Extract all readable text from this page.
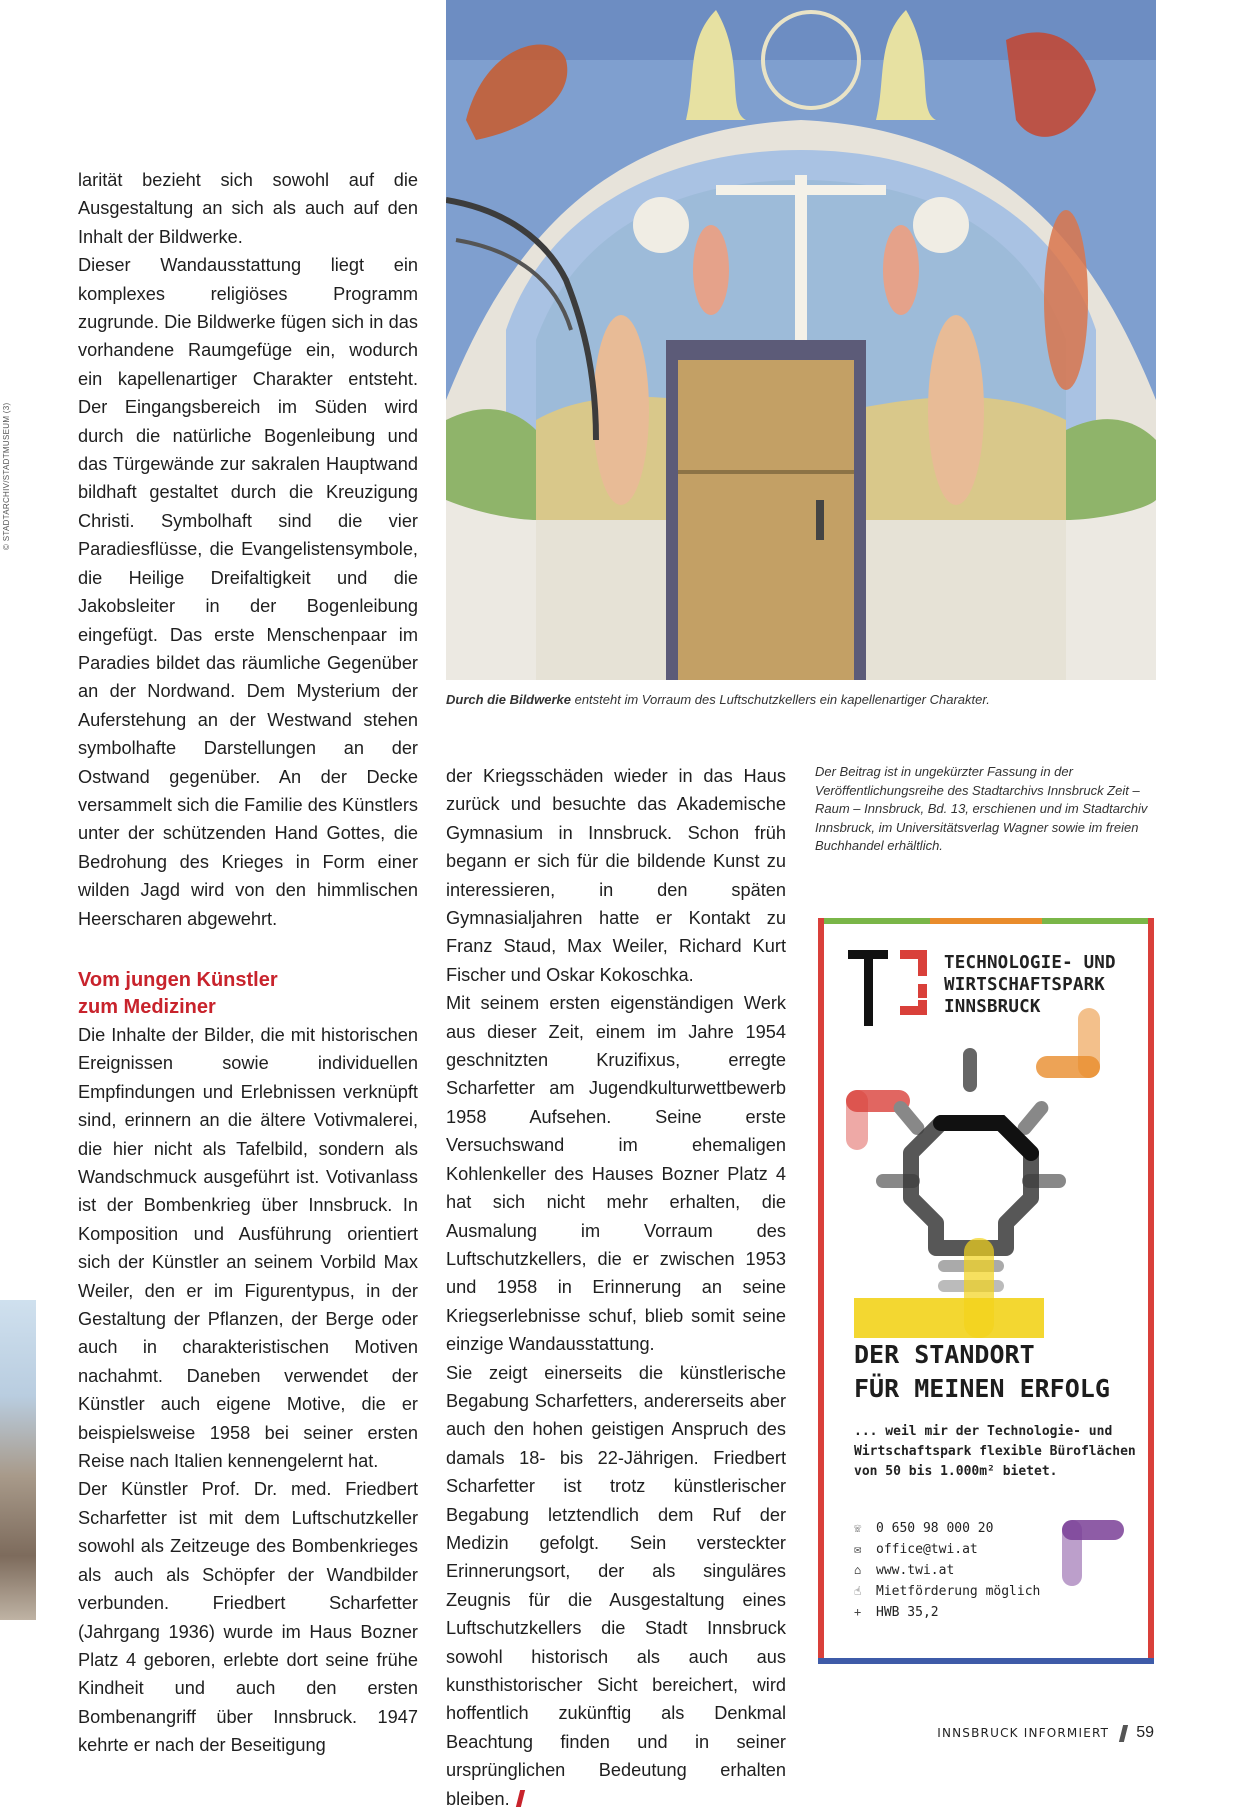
© STADTARCHIV/STADTMUSEUM (3)

larität bezieht sich sowohl auf die Ausgestaltung an sich als auch auf den Inhalt der Bildwerke.

Dieser Wandausstattung liegt ein komplexes religiöses Programm zugrunde. Die Bildwerke fügen sich in das vorhandene Raumgefüge ein, wodurch ein kapellenartiger Charakter entsteht. Der Eingangsbereich im Süden wird durch die natürliche Bogenleibung und das Türgewände zur sakralen Hauptwand bildhaft gestaltet durch die Kreuzigung Christi. Symbolhaft sind die vier Paradiesflüsse, die Evangelistensymbole, die Heilige Dreifaltigkeit und die Jakobsleiter in der Bogenleibung eingefügt. Das erste Menschenpaar im Paradies bildet das räumliche Gegenüber an der Nordwand. Dem Mysterium der Auferstehung an der Westwand stehen symbolhafte Darstellungen an der Ostwand gegenüber. An der Decke versammelt sich die Familie des Künstlers unter der schützenden Hand Gottes, die Bedrohung des Krieges in Form einer wilden Jagd wird von den himmlischen Heerscharen abgewehrt.

Vom jungen Künstler
zum Mediziner

Die Inhalte der Bilder, die mit historischen Ereignissen sowie individuellen Empfindungen und Erlebnissen verknüpft sind, erinnern an die ältere Votivmalerei, die hier nicht als Tafelbild, sondern als Wandschmuck ausgeführt ist. Votivanlass ist der Bombenkrieg über Innsbruck. In Komposition und Ausführung orientiert sich der Künstler an seinem Vorbild Max Weiler, den er im Figurentypus, in der Gestaltung der Pflanzen, der Berge oder auch in charakteristischen Motiven nachahmt. Daneben verwendet der Künstler auch eigene Motive, die er beispielsweise 1958 bei seiner ersten Reise nach Italien kennengelernt hat.

Der Künstler Prof. Dr. med. Friedbert Scharfetter ist mit dem Luftschutzkeller sowohl als Zeitzeuge des Bombenkrieges als auch als Schöpfer der Wandbilder verbunden. Friedbert Scharfetter (Jahrgang 1936) wurde im Haus Bozner Platz 4 geboren, erlebte dort seine frühe Kindheit und auch den ersten Bombenangriff über Innsbruck. 1947 kehrte er nach der Beseitigung

Durch die Bildwerke entsteht im Vorraum des Luftschutzkellers ein kapellenartiger Charakter.

der Kriegsschäden wieder in das Haus zurück und besuchte das Akademische Gymnasium in Innsbruck. Schon früh begann er sich für die bildende Kunst zu interessieren, in den späten Gymnasialjahren hatte er Kontakt zu Franz Staud, Max Weiler, Richard Kurt Fischer und Oskar Kokoschka.

Mit seinem ersten eigenständigen Werk aus dieser Zeit, einem im Jahre 1954 geschnitzten Kruzifixus, erregte Scharfetter am Jugendkulturwettbewerb 1958 Aufsehen. Seine erste Versuchswand im ehemaligen Kohlenkeller des Hauses Bozner Platz 4 hat sich nicht mehr erhalten, die Ausmalung im Vorraum des Luftschutzkellers, die er zwischen 1953 und 1958 in Erinnerung an seine Kriegserlebnisse schuf, blieb somit seine einzige Wandausstattung.

Sie zeigt einerseits die künstlerische Begabung Scharfetters, andererseits aber auch den hohen geistigen Anspruch des damals 18- bis 22-Jährigen. Friedbert Scharfetter ist trotz künstlerischer Begabung letztendlich dem Ruf der Medizin gefolgt. Sein versteckter Erinnerungsort, der als singuläres Zeugnis für die Ausgestaltung eines Luftschutzkellers die Stadt Innsbruck sowohl historisch als auch aus kunsthistorischer Sicht bereichert, wird hoffentlich zukünftig als Denkmal Beachtung finden und in seiner ursprünglichen Bedeutung erhalten bleiben.

Der Beitrag ist in ungekürzter Fassung in der Veröffentlichungsreihe des Stadtarchivs Innsbruck Zeit – Raum – Innsbruck, Bd. 13, erschienen und im Stadtarchiv Innsbruck, im Universitätsverlag Wagner sowie im freien Buchhandel erhältlich.
TECHNOLOGIE- UND
WIRTSCHAFTSPARK
INNSBRUCK
DER STANDORT
FÜR MEINEN ERFOLG
... weil mir der Technologie- und
Wirtschaftspark flexible Büroflächen
von 50 bis 1.000m² bietet.
☏	0 650 98 000 20
✉	office@twi.at
⌂	www.twi.at
☝	Mietförderung möglich
+	HWB 35,2
INNSBRUCK INFORMIERT 59
